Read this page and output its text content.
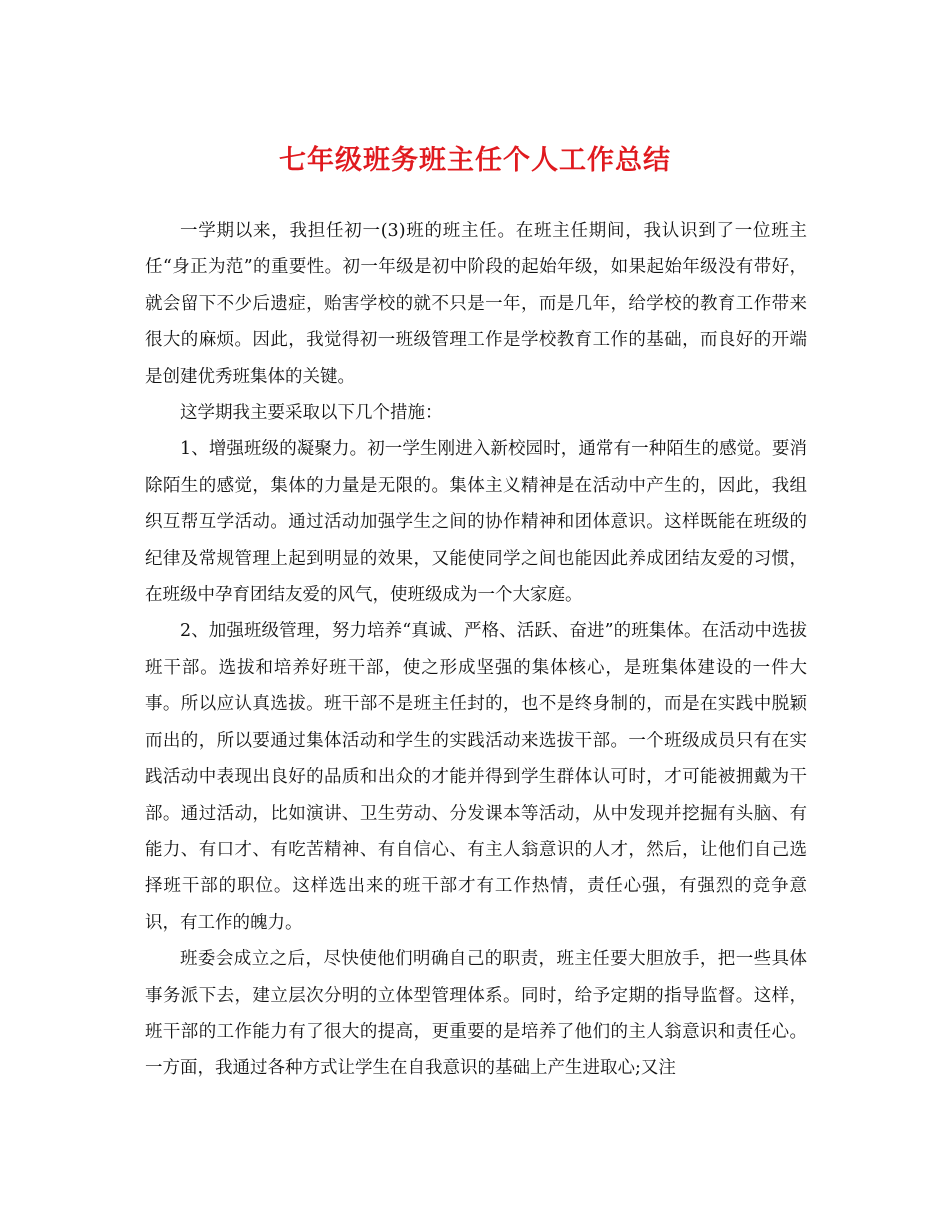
七年级班务班主任个人工作总结

一学期以来，我担任初一(3)班的班主任。在班主任期间，我认识到了一位班主任“身正为范”的重要性。初一年级是初中阶段的起始年级，如果起始年级没有带好，就会留下不少后遗症，贻害学校的就不只是一年，而是几年，给学校的教育工作带来很大的麻烦。因此，我觉得初一班级管理工作是学校教育工作的基础，而良好的开端是创建优秀班集体的关键。

这学期我主要采取以下几个措施：

1、增强班级的凝聚力。初一学生刚进入新校园时，通常有一种陌生的感觉。要消除陌生的感觉，集体的力量是无限的。集体主义精神是在活动中产生的，因此，我组织互帮互学活动。通过活动加强学生之间的协作精神和团体意识。这样既能在班级的纪律及常规管理上起到明显的效果，又能使同学之间也能因此养成团结友爱的习惯，在班级中孕育团结友爱的风气，使班级成为一个大家庭。

2、加强班级管理，努力培养“真诚、严格、活跃、奋进”的班集体。在活动中选拔班干部。选拔和培养好班干部，使之形成坚强的集体核心，是班集体建设的一件大事。所以应认真选拔。班干部不是班主任封的，也不是终身制的，而是在实践中脱颖而出的，所以要通过集体活动和学生的实践活动来选拔干部。一个班级成员只有在实践活动中表现出良好的品质和出众的才能并得到学生群体认可时，才可能被拥戴为干部。通过活动，比如演讲、卫生劳动、分发课本等活动，从中发现并挖掘有头脑、有能力、有口才、有吃苦精神、有自信心、有主人翁意识的人才，然后，让他们自己选择班干部的职位。这样选出来的班干部才有工作热情，责任心强，有强烈的竞争意识，有工作的魄力。

班委会成立之后，尽快使他们明确自己的职责，班主任要大胆放手，把一些具体事务派下去，建立层次分明的立体型管理体系。同时，给予定期的指导监督。这样，班干部的工作能力有了很大的提高，更重要的是培养了他们的主人翁意识和责任心。一方面，我通过各种方式让学生在自我意识的基础上产生进取心;又注
